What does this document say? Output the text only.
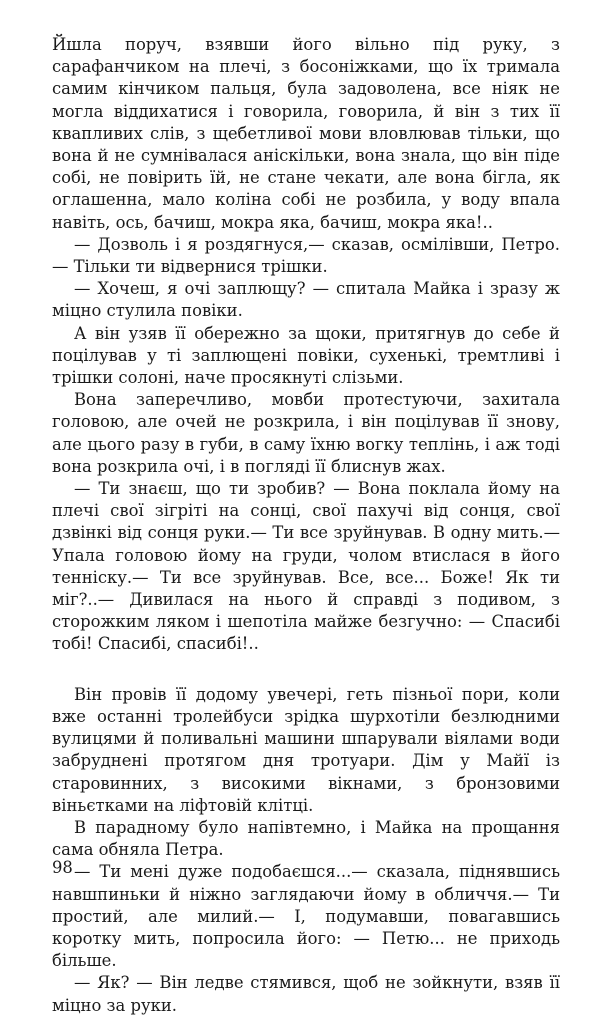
Йшла поруч, взявши його вільно під руку, з сарафанчиком на плечі, з босоніжками, що їх тримала самим кінчиком пальця, була задоволена, все ніяк не могла віддихатися і говорила, говорила, й він з тих її квапливих слів, з щебетливої мови вловлював тільки, що вона й не сумнівалася аніскільки, вона знала, що він піде собі, не повірить їй, не стане чекати, але вона бігла, як оглашенна, мало коліна собі не розбила, у воду впала навіть, ось, бачиш, мокра яка, бачиш, мокра яка!..

— Дозволь і я роздягнуся,— сказав, осмілівши, Петро.— Тільки ти відвернися трішки.

— Хочеш, я очі заплющу? — спитала Майка і зразу ж міцно стулила повіки.

А він узяв її обережно за щоки, притягнув до себе й поцілував у ті заплющені повіки, сухенькі, тремтливі і трішки солоні, наче просякнуті слізьми.

Вона заперечливо, мовби протестуючи, захитала головою, але очей не розкрила, і він поцілував її знову, але цього разу в губи, в саму їхню вогку теплінь, і аж тоді вона розкрила очі, і в погляді її блиснув жах.

— Ти знаєш, що ти зробив? — Вона поклала йому на плечі свої зігріті на сонці, свої пахучі від сонця, свої дзвінкі від сонця руки.— Ти все зруйнував. В одну мить.— Упала головою йому на груди, чолом втислася в його тенніску.— Ти все зруйнував. Все, все... Боже! Як ти міг?..— Дивилася на нього й справді з подивом, з сторожким ляком і шепотіла майже безгучно: — Спасибі тобі! Спасибі, спасибі!..

Він провів її додому увечері, геть пізньої пори, коли вже останні тролейбуси зрідка шурхотіли безлюдними вулицями й поливальні машини шпарували віялами води забруднені протягом дня тротуари. Дім у Майї із старовинних, з високими вікнами, з бронзовими віньєтками на ліфтовій клітці.

В парадному було напівтемно, і Майка на прощання сама обняла Петра.

— Ти мені дуже подобаєшся...— сказала, піднявшись навшпиньки й ніжно заглядаючи йому в обличчя.— Ти простий, але милий.— І, подумавши, повагавшись коротку мить, попросила його: — Петю... не приходь більше.

— Як? — Він ледве стямився, щоб не зойкнути, взяв її міцно за руки.

98
